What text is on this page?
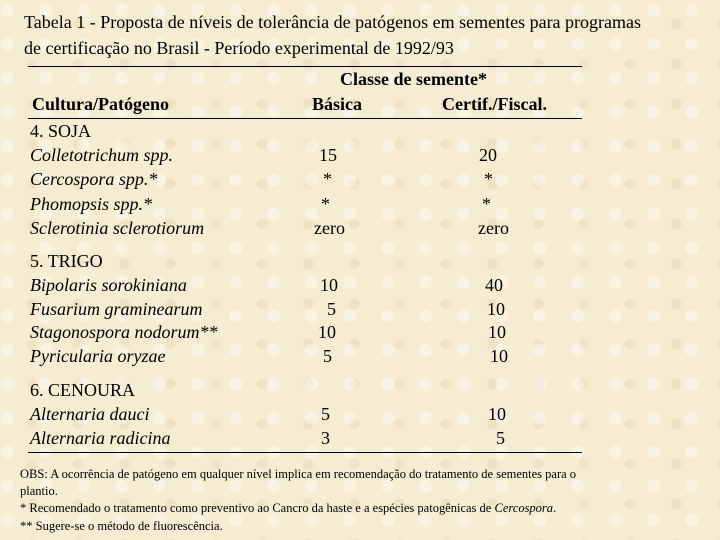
Tabela 1 - Proposta de níveis de tolerância de patógenos em sementes para programas
de certificação no Brasil - Período experimental de 1992/93
Classe de semente*
Cultura/Patógeno	Básica	Certif./Fiscal.
4. SOJA
Colletotrichum spp.	15	20
Cercospora spp.*	*	*
Phomopsis spp.*	*	*
Sclerotinia sclerotiorum	zero	zero
5. TRIGO
Bipolaris sorokiniana	10	40
Fusarium graminearum	5	10
Stagonospora nodorum**	10	10
Pyricularia oryzae	5	10
6. CENOURA
Alternaria dauci	5	10
Alternaria radicina	3	5
OBS: A ocorrência de patógeno em qualquer nível implica em recomendação do tratamento de sementes para o
plantio.
* Recomendado o tratamento como preventivo ao Cancro da haste e a espécies patogênicas de Cercospora.
** Sugere-se o método de fluorescência.
